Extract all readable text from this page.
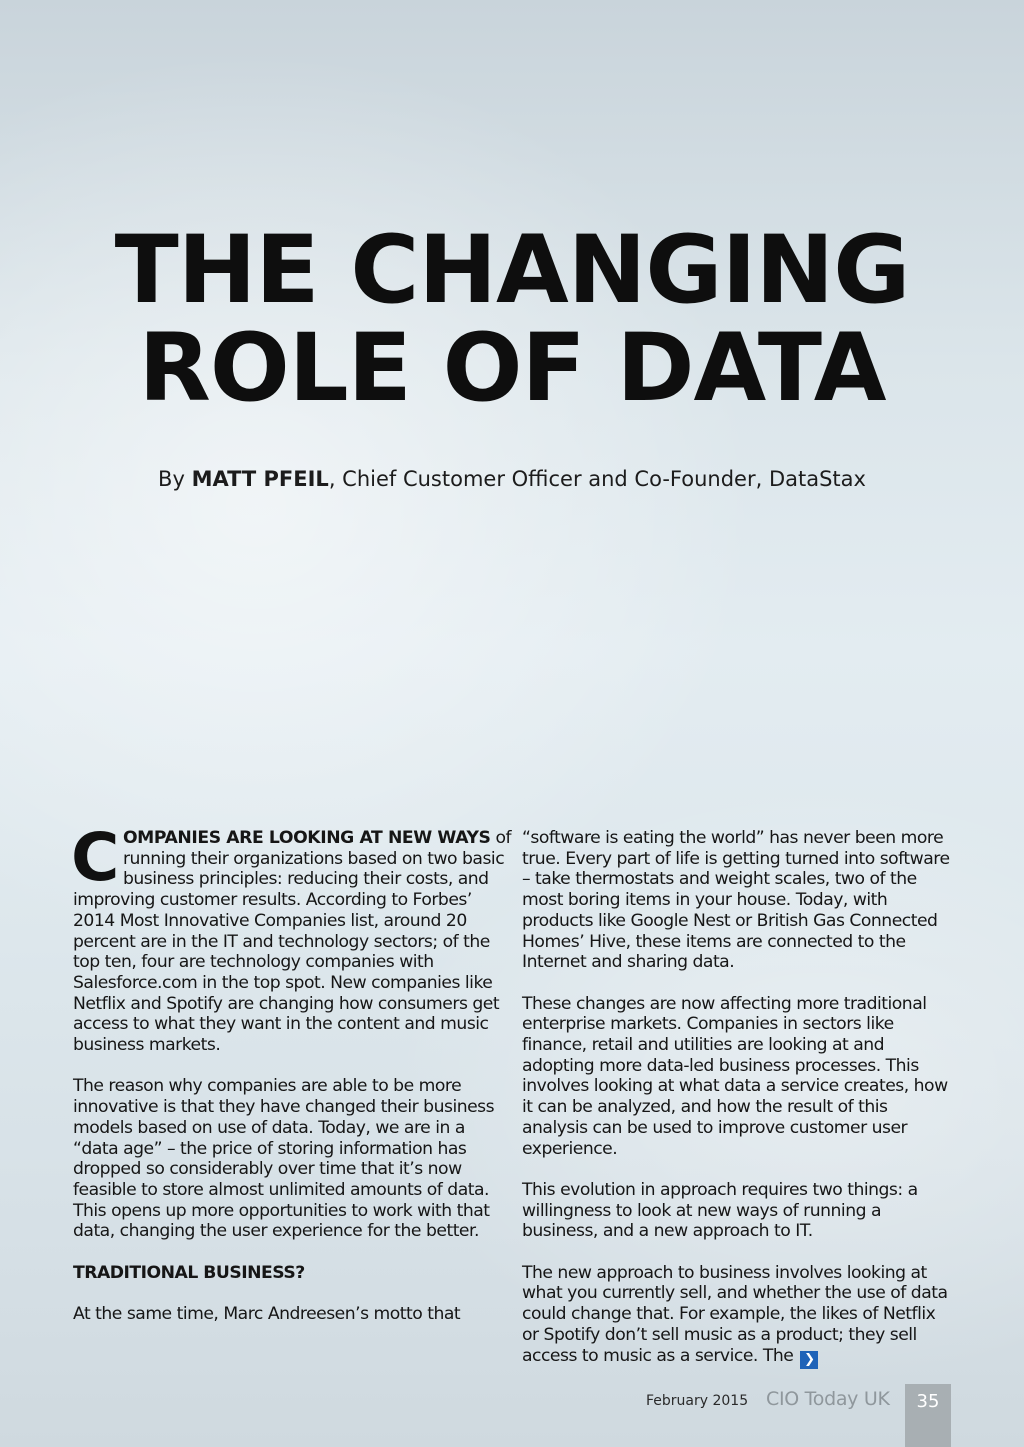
THE CHANGING
ROLE OF DATA
By MATT PFEIL, Chief Customer Officer and Co-Founder, DataStax

COMPANIES ARE LOOKING AT NEW WAYS of running their organizations based on two basic business principles: reducing their costs, and improving customer results. According to Forbes’ 2014 Most Innovative Companies list, around 20 percent are in the IT and technology sectors; of the top ten, four are technology companies with Salesforce.com in the top spot. New companies like Netflix and Spotify are changing how consumers get access to what they want in the content and music business markets.

The reason why companies are able to be more innovative is that they have changed their business models based on use of data. Today, we are in a “data age” – the price of storing information has dropped so considerably over time that it’s now feasible to store almost unlimited amounts of data. This opens up more opportunities to work with that data, changing the user experience for the better.

TRADITIONAL BUSINESS?

At the same time, Marc Andreesen’s motto that

“software is eating the world” has never been more true. Every part of life is getting turned into software – take thermostats and weight scales, two of the most boring items in your house. Today, with products like Google Nest or British Gas Connected Homes’ Hive, these items are connected to the Internet and sharing data.

These changes are now affecting more traditional enterprise markets. Companies in sectors like finance, retail and utilities are looking at and adopting more data-led business processes. This involves looking at what data a service creates, how it can be analyzed, and how the result of this analysis can be used to improve customer user experience.

This evolution in approach requires two things: a willingness to look at new ways of running a business, and a new approach to IT.

The new approach to business involves looking at what you currently sell, and whether the use of data could change that. For example, the likes of Netflix or Spotify don’t sell music as a product; they sell access to music as a service. The ❯

February 2015 CIO Today UK	35
